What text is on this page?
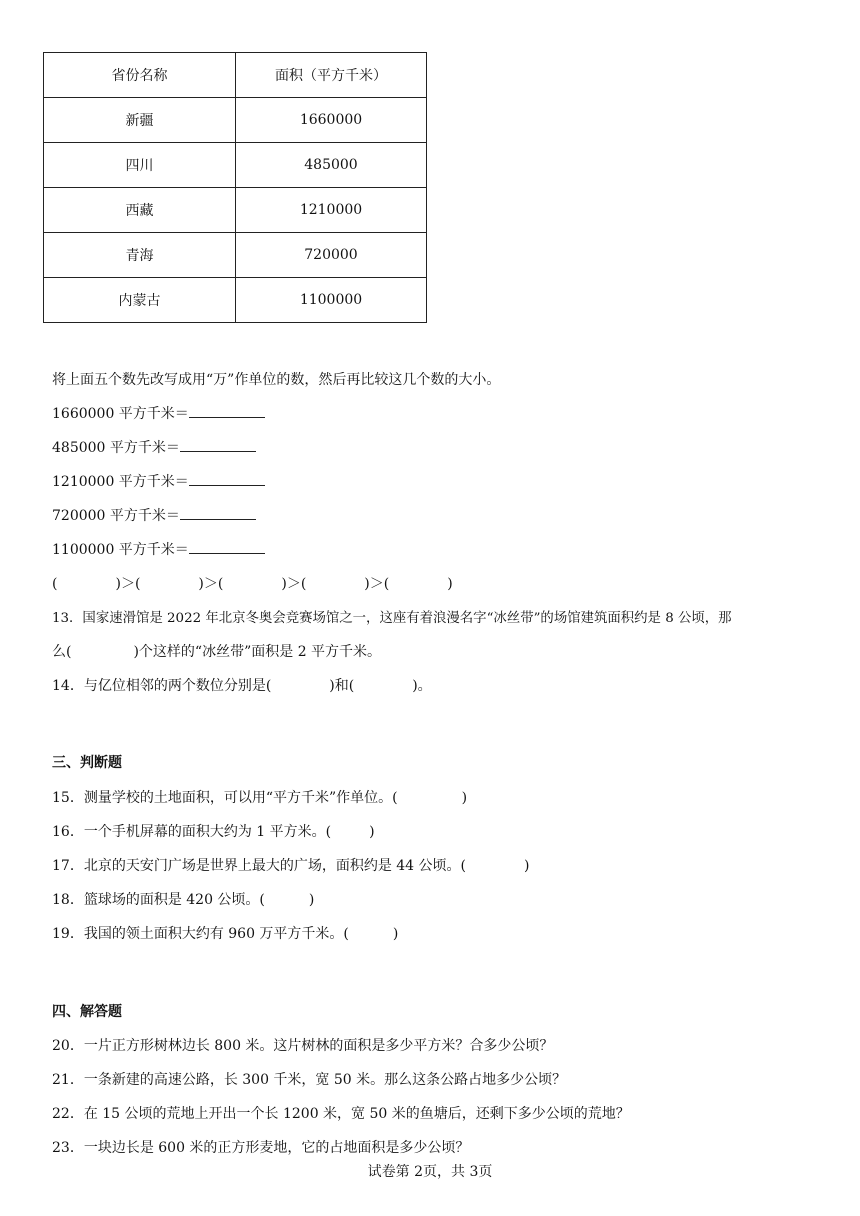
省份名称	面积（平方千米）
新疆	1660000
四川	485000
西藏	1210000
青海	720000
内蒙古	1100000
将上面五个数先改写成用“万”作单位的数，然后再比较这几个数的大小。
1660000 平方千米＝
485000 平方千米＝
1210000 平方千米＝
720000 平方千米＝
1100000 平方千米＝
(	)＞(	)＞(	)＞(	)＞(	)
13．国家速滑馆是 2022 年北京冬奥会竞赛场馆之一，这座有着浪漫名字“冰丝带”的场馆建筑面积约是 8 公顷，那
么(	)个这样的“冰丝带”面积是 2 平方千米。
14．与亿位相邻的两个数位分别是(	)和(	)。
三、判断题
15．测量学校的土地面积，可以用“平方千米”作单位。(	)
16．一个手机屏幕的面积大约为 1 平方米。(	)
17．北京的天安门广场是世界上最大的广场，面积约是 44 公顷。(	)
18．篮球场的面积是 420 公顷。(	)
19．我国的领土面积大约有 960 万平方千米。(	)
四、解答题
20．一片正方形树林边长 800 米。这片树林的面积是多少平方米？合多少公顷？
21．一条新建的高速公路，长 300 千米，宽 50 米。那么这条公路占地多少公顷？
22．在 15 公顷的荒地上开出一个长 1200 米，宽 50 米的鱼塘后，还剩下多少公顷的荒地？
23．一块边长是 600 米的正方形麦地，它的占地面积是多少公顷？
试卷第 2页，共 3页
